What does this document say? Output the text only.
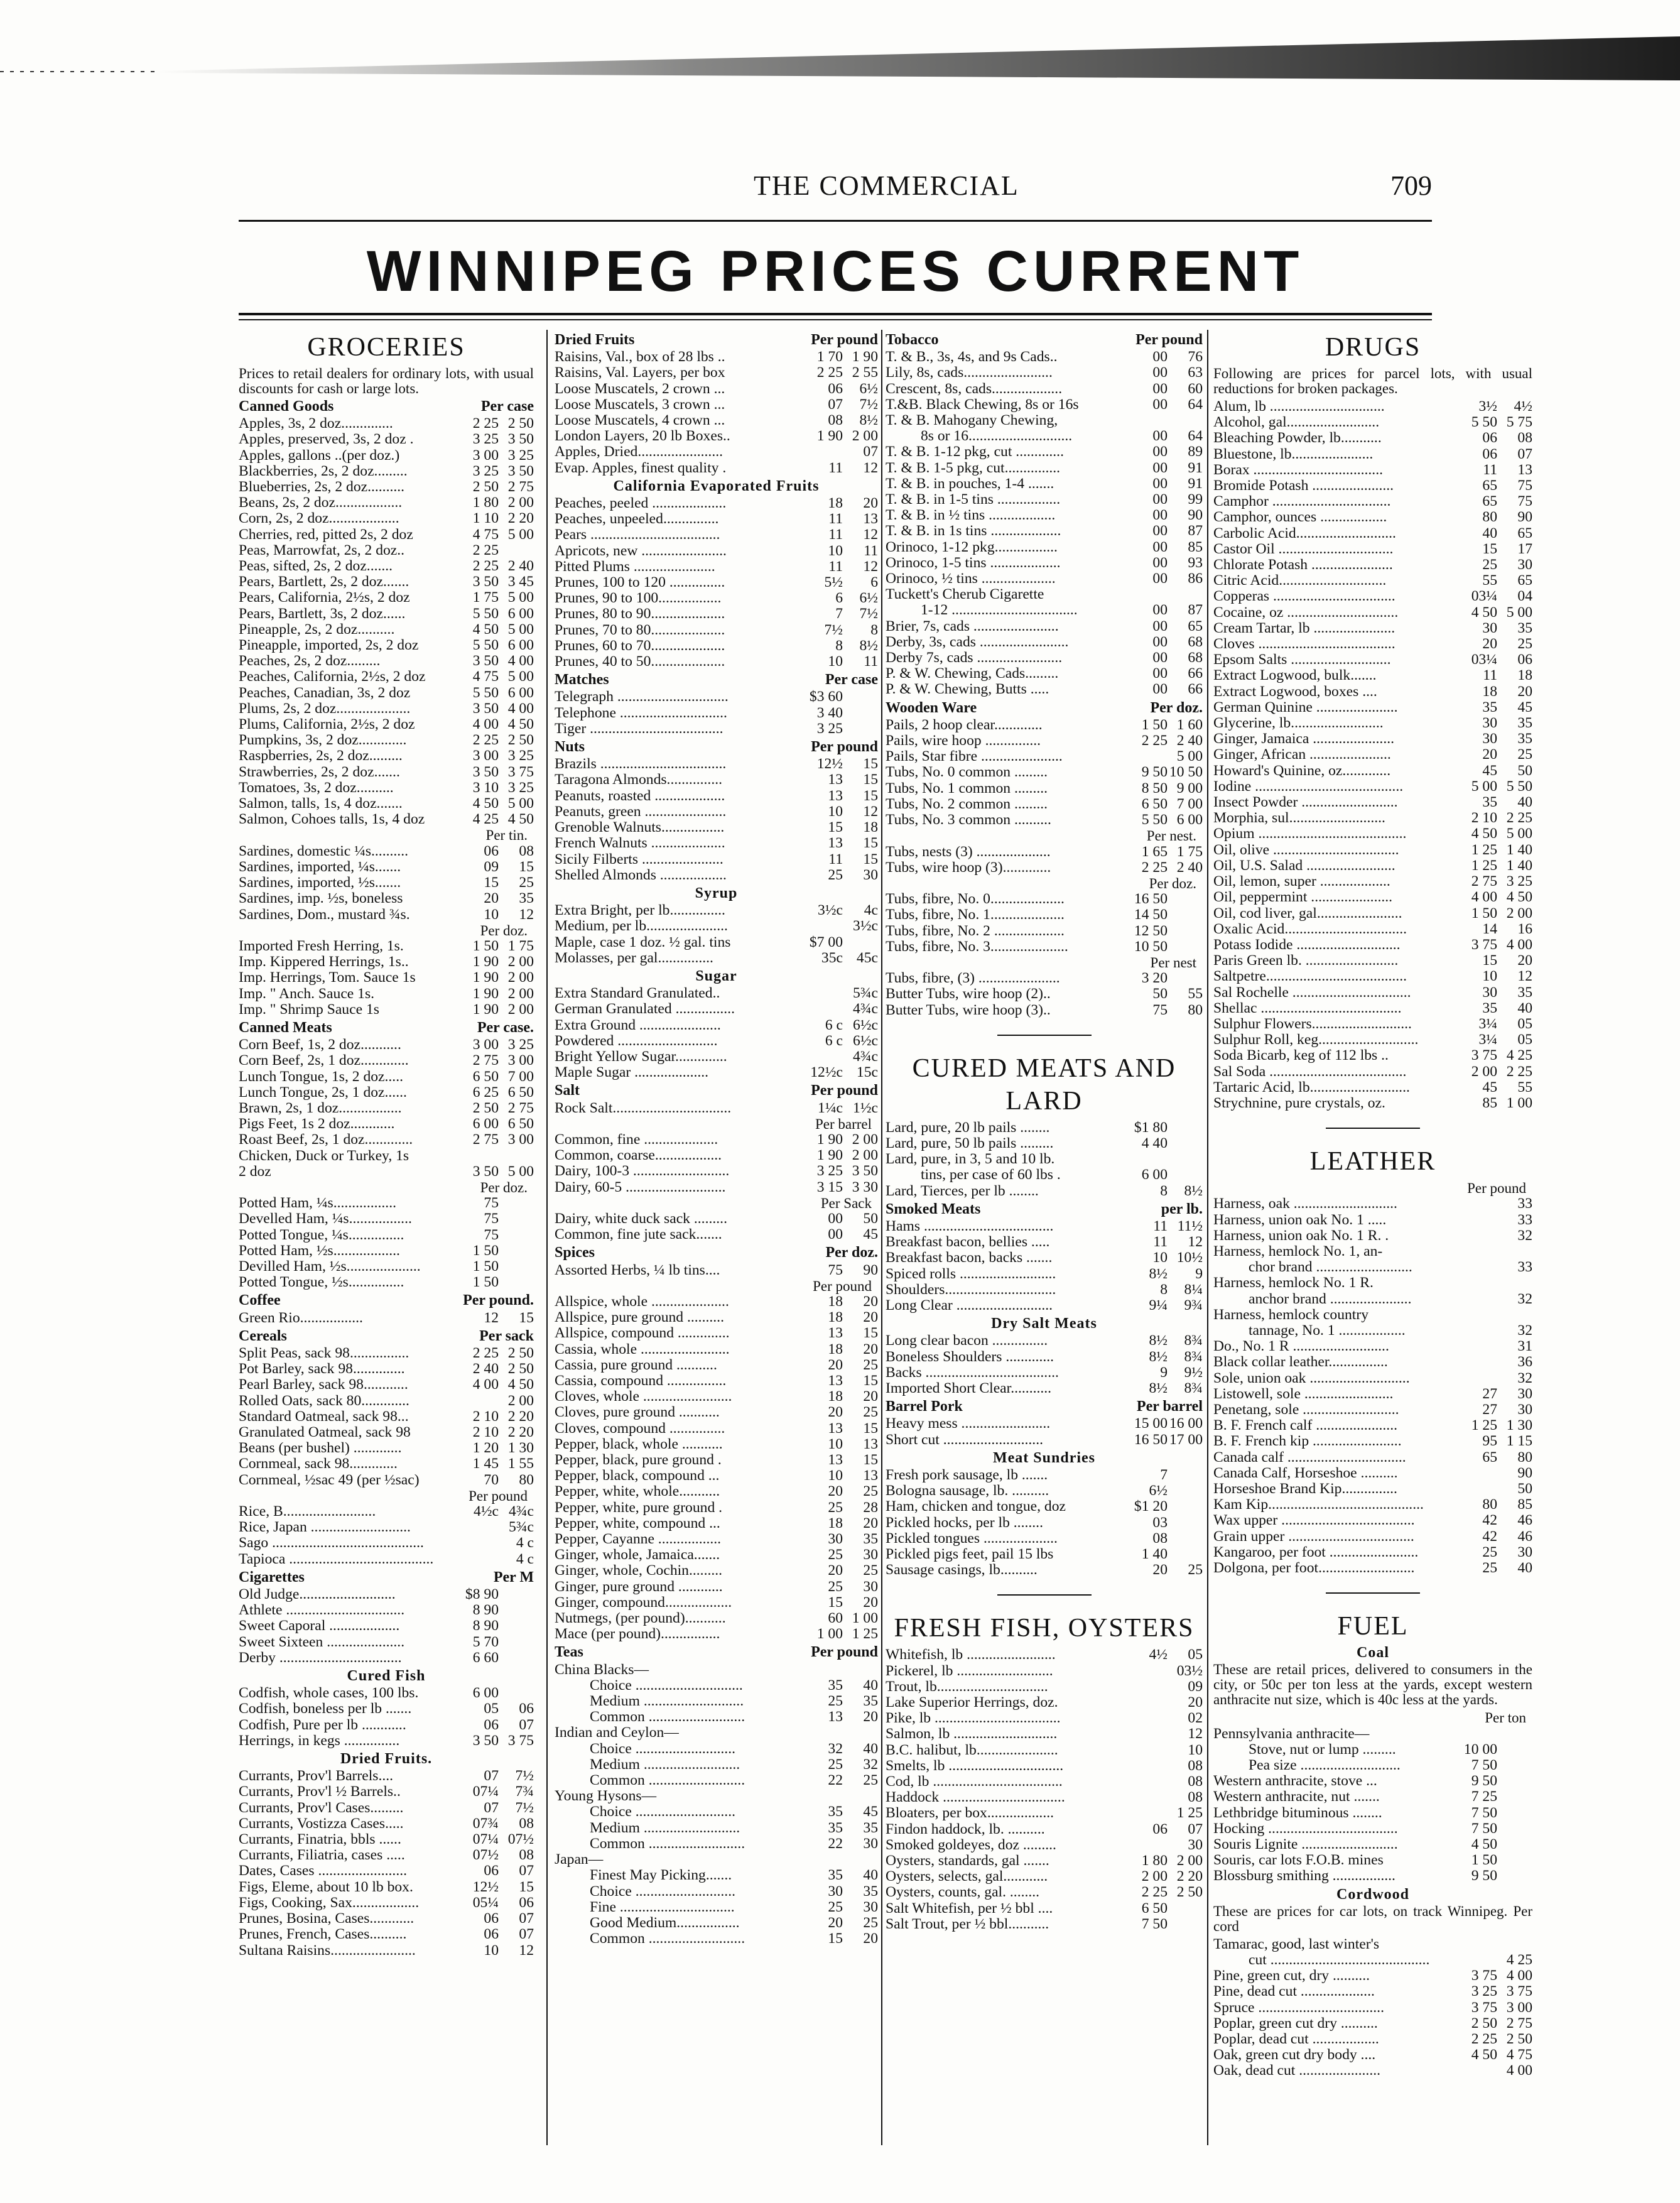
THE COMMERCIAL	709
WINNIPEG PRICES CURRENT
GROCERIES
Prices to retail dealers for ordinary lots, with usual discounts for cash or large lots.
Canned Goods	Per case
Apples, 3s, 2 doz..............	2 25 2 50
Apples, preserved, 3s, 2 doz .	3 25 3 50
Apples, gallons ..(per doz.)	3 00 3 25
Blackberries, 2s, 2 doz.........	3 25 3 50
Blueberries, 2s, 2 doz..........	2 50 2 75
Beans, 2s, 2 doz..................	1 80 2 00
Corn, 2s, 2 doz...................	1 10 2 20
Cherries, red, pitted 2s, 2 doz	4 75 5 00
Peas, Marrowfat, 2s, 2 doz..	2 25
Peas, sifted, 2s, 2 doz.......	2 25 2 40
Pears, Bartlett, 2s, 2 doz.......	3 50 3 45
Pears, California, 2½s, 2 doz	1 75 5 00
Pears, Bartlett, 3s, 2 doz......	5 50 6 00
Pineapple, 2s, 2 doz..........	4 50 5 00
Pineapple, imported, 2s, 2 doz	5 50 6 00
Peaches, 2s, 2 doz.........	3 50 4 00
Peaches, California, 2½s, 2 doz	4 75 5 00
Peaches, Canadian, 3s, 2 doz	5 50 6 00
Plums, 2s, 2 doz....................	3 50 4 00
Plums, California, 2½s, 2 doz	4 00 4 50
Pumpkins, 3s, 2 doz.............	2 25 2 50
Raspberries, 2s, 2 doz.........	3 00 3 25
Strawberries, 2s, 2 doz.......	3 50 3 75
Tomatoes, 3s, 2 doz..........	3 10 3 25
Salmon, talls, 1s, 4 doz.......	4 50 5 00
Salmon, Cohoes talls, 1s, 4 doz	4 25 4 50
Per tin.
Sardines, domestic ¼s..........	06	08
Sardines, imported, ¼s.......	09	15
Sardines, imported, ½s.......	15	25
Sardines, imp. ½s, boneless	20	35
Sardines, Dom., mustard ¾s.	10	12
Per doz.
Imported Fresh Herring, 1s.	1 50 1 75
Imp. Kippered Herrings, 1s..	1 90 2 00
Imp. Herrings, Tom. Sauce 1s	1 90 2 00
Imp. " Anch. Sauce 1s.	1 90 2 00
Imp. " Shrimp Sauce 1s	1 90 2 00
Canned Meats	Per case.
Corn Beef, 1s, 2 doz...........	3 00 3 25
Corn Beef, 2s, 1 doz.............	2 75 3 00
Lunch Tongue, 1s, 2 doz.....	6 50 7 00
Lunch Tongue, 2s, 1 doz......	6 25 6 50
Brawn, 2s, 1 doz.................	2 50 2 75
Pigs Feet, 1s 2 doz............	6 00 6 50
Roast Beef, 2s, 1 doz.............	2 75 3 00
Chicken, Duck or Turkey, 1s
2 doz	3 50 5 00
Per doz.
Potted Ham, ¼s.................	75
Develled Ham, ¼s.................	75
Potted Tongue, ¼s...............	75
Potted Ham, ½s..................	1 50
Devilled Ham, ½s....................	1 50
Potted Tongue, ½s...............	1 50
Coffee	Per pound.
Green Rio.................	12	15
Cereals	Per sack
Split Peas, sack 98................	2 25 2 50
Pot Barley, sack 98..............	2 40 2 50
Pearl Barley, sack 98............	4 00 4 50
Rolled Oats, sack 80.............	2 00
Standard Oatmeal, sack 98...	2 10 2 20
Granulated Oatmeal, sack 98	2 10 2 20
Beans (per bushel) .............	1 20 1 30
Cornmeal, sack 98.............	1 45 1 55
Cornmeal, ½sac 49 (per ½sac)	70	80
Per pound
Rice, B.........................	4½c 4¾c
Rice, Japan ...........................	5¾c
Sago .........................................	4 c
Tapioca .......................................	4 c
Cigarettes	Per M
Old Judge..........................	$8 90
Athlete ................................	8 90
Sweet Caporal ...................	8 90
Sweet Sixteen .....................	5 70
Derby .................................	6 60
Cured Fish
Codfish, whole cases, 100 lbs.	6 00
Codfish, boneless per lb .......	05	06
Codfish, Pure per lb ............	06	07
Herrings, in kegs ...............	3 50 3 75
Dried Fruits.
Currants, Prov'l Barrels....	07	7½
Currants, Prov'l ½ Barrels..	07¼	7¾
Currants, Prov'l Cases.........	07	7½
Currants, Vostizza Cases.....	07¾	08
Currants, Finatria, bbls ......	07¼ 07½
Currants, Filiatria, cases .....	07½	08
Dates, Cases ........................	06	07
Figs, Eleme, about 10 lb box.	12½	15
Figs, Cooking, Sax..................	05¼	06
Prunes, Bosina, Cases............	06	07
Prunes, French, Cases..........	06	07
Sultana Raisins.......................	10	12
Dried Fruits	Per pound
Raisins, Val., box of 28 lbs ..	1 70 1 90
Raisins, Val. Layers, per box	2 25 2 55
Loose Muscatels, 2 crown ...	06	6½
Loose Muscatels, 3 crown ...	07	7½
Loose Muscatels, 4 crown ...	08	8½
London Layers, 20 lb Boxes..	1 90 2 00
Apples, Dried.......................	07
Evap. Apples, finest quality .	11	12
California Evaporated Fruits
Peaches, peeled ....................	18	20
Peaches, unpeeled...............	11	13
Pears ...................................	11	12
Apricots, new .......................	10	11
Pitted Plums ......................	11	12
Prunes, 100 to 120 ...............	5½	6
Prunes, 90 to 100.................	6	6½
Prunes, 80 to 90....................	7	7½
Prunes, 70 to 80....................	7½	8
Prunes, 60 to 70....................	8	8½
Prunes, 40 to 50....................	10	11
Matches	Per case
Telegraph ..............................	$3 60
Telephone .............................	3 40
Tiger ....................................	3 25
Nuts	Per pound
Brazils ..................................	12½	15
Taragona Almonds...............	13	15
Peanuts, roasted ...................	13	15
Peanuts, green ......................	10	12
Grenoble Walnuts.................	15	18
French Walnuts ....................	13	15
Sicily Filberts ......................	11	15
Shelled Almonds ..................	25	30
Syrup
Extra Bright, per lb...............	3½c	4c
Medium, per lb......................	3½c
Maple, case 1 doz. ½ gal. tins	$7 00
Molasses, per gal...............	35c 45c
Sugar
Extra Standard Granulated..	5¾c
German Granulated ................	4¾c
Extra Ground ......................	6 c 6½c
Powdered ...........................	6 c 6½c
Bright Yellow Sugar..............	4¾c
Maple Sugar ....................	12½c 15c
Salt	Per pound
Rock Salt................................	1¼c 1½c
Per barrel
Common, fine ....................	1 90 2 00
Common, coarse..................	1 90 2 00
Dairy, 100-3 ..........................	3 25 3 50
Dairy, 60-5 ...........................	3 15 3 30
Per Sack
Dairy, white duck sack .........	00	50
Common, fine jute sack.......	00	45
Spices	Per doz.
Assorted Herbs, ¼ lb tins....	75	90
Per pound
Allspice, whole .....................	18	20
Allspice, pure ground ..........	18	20
Allspice, compound ..............	13	15
Cassia, whole ........................	18	20
Cassia, pure ground ...........	20	25
Cassia, compound ................	13	15
Cloves, whole ........................	18	20
Cloves, pure ground ...........	20	25
Cloves, compound ...............	13	15
Pepper, black, whole ...........	10	13
Pepper, black, pure ground .	13	15
Pepper, black, compound ...	10	13
Pepper, white, whole...........	20	25
Pepper, white, pure ground .	25	28
Pepper, white, compound ...	18	20
Pepper, Cayanne .................	30	35
Ginger, whole, Jamaica.......	25	30
Ginger, whole, Cochin.........	20	25
Ginger, pure ground ............	25	30
Ginger, compound..................	15	20
Nutmegs, (per pound)...........	60 1 00
Mace (per pound)................	1 00 1 25
Teas	Per pound
China Blacks—
Choice .............................	35	40
Medium ...........................	25	35
Common ..........................	13	20
Indian and Ceylon—
Choice ...........................	32	40
Medium ..........................	25	32
Common ..........................	22	25
Young Hysons—
Choice ...........................	35	45
Medium ..........................	35	35
Common ..........................	22	30
Japan—
Finest May Picking.......	35	40
Choice ...........................	30	35
Fine ...............................	25	30
Good Medium.................	20	25
Common ..........................	15	20
Tobacco	Per pound
T. & B., 3s, 4s, and 9s Cads..	00	76
Lily, 8s, cads........................	00	63
Crescent, 8s, cads...................	00	60
T.&B. Black Chewing, 8s or 16s	00	64
T. & B. Mahogany Chewing,
8s or 16............................	00	64
T. & B. 1-12 pkg, cut .............	00	89
T. & B. 1-5 pkg, cut...............	00	91
T. & B. in pouches, 1-4 .......	00	91
T. & B. in 1-5 tins .................	00	99
T. & B. in ½ tins ..................	00	90
T. & B. in 1s tins ...................	00	87
Orinoco, 1-12 pkg.................	00	85
Orinoco, 1-5 tins ...................	00	93
Orinoco, ½ tins ....................	00	86
Tuckett's Cherub Cigarette
1-12 ..................................	00	87
Brier, 7s, cads .......................	00	65
Derby, 3s, cads ........................	00	68
Derby 7s, cads .......................	00	68
P. & W. Chewing, Cads.........	00	66
P. & W. Chewing, Butts .....	00	66
Wooden Ware	Per doz.
Pails, 2 hoop clear.............	1 50 1 60
Pails, wire hoop ...............	2 25 2 40
Pails, Star fibre ......................	5 00
Tubs, No. 0 common .........	9 50 10 50
Tubs, No. 1 common .........	8 50 9 00
Tubs, No. 2 common .........	6 50 7 00
Tubs, No. 3 common ..........	5 50 6 00
Per nest.
Tubs, nests (3) ....................	1 65 1 75
Tubs, wire hoop (3).............	2 25 2 40
Per doz.
Tubs, fibre, No. 0....................	16 50
Tubs, fibre, No. 1....................	14 50
Tubs, fibre, No. 2 ...................	12 50
Tubs, fibre, No. 3.....................	10 50
Per nest
Tubs, fibre, (3) ......................	3 20
Butter Tubs, wire hoop (2)..	50	55
Butter Tubs, wire hoop (3)..	75	80
CURED MEATS AND LARD
Lard, pure, 20 lb pails ........	$1 80
Lard, pure, 50 lb pails .........	4 40
Lard, pure, in 3, 5 and 10 lb.
tins, per case of 60 lbs .	6 00
Lard, Tierces, per lb ........	8	8½
Smoked Meats	per lb.
Hams ...................................	11 11½
Breakfast bacon, bellies .....	11	12
Breakfast bacon, backs .......	10 10½
Spiced rolls ..........................	8½	9
Shoulders..............................	8	8¼
Long Clear ..........................	9¼	9¾
Dry Salt Meats
Long clear bacon ...............	8½	8¾
Boneless Shoulders .............	8½	8¾
Backs ....................................	9	9½
Imported Short Clear...........	8½	8¾
Barrel Pork	Per barrel
Heavy mess ........................	15 00 16 00
Short cut ...........................	16 50 17 00
Meat Sundries
Fresh pork sausage, lb .......	7
Bologna sausage, lb. ..........	6½
Ham, chicken and tongue, doz	$1 20
Pickled hocks, per lb ........	03
Pickled tongues ....................	08
Pickled pigs feet, pail 15 lbs	1 40
Sausage casings, lb..........	20	25
FRESH FISH, OYSTERS
Whitefish, lb ........................	4½	05
Pickerel, lb ..........................	03½
Trout, lb..............................	09
Lake Superior Herrings, doz.	20
Pike, lb ..................................	02
Salmon, lb ............................	12
B.C. halibut, lb......................	10
Smelts, lb ...............................	08
Cod, lb ...................................	08
Haddock .................................	08
Bloaters, per box..................	1 25
Findon haddock, lb. ..........	06	07
Smoked goldeyes, doz .........	30
Oysters, standards, gal .......	1 80 2 00
Oysters, selects, gal............	2 00 2 20
Oysters, counts, gal. ........	2 25 2 50
Salt Whitefish, per ½ bbl ....	6 50
Salt Trout, per ½ bbl...........	7 50
DRUGS
Following are prices for parcel lots, with usual reductions for broken packages.
Alum, lb ...............................	3½	4½
Alcohol, gal.........................	5 50 5 75
Bleaching Powder, lb...........	06	08
Bluestone, lb......................	06	07
Borax ...................................	11	13
Bromide Potash ......................	65	75
Camphor ................................	65	75
Camphor, ounces ..................	80	90
Carbolic Acid...........................	40	65
Castor Oil ...............................	15	17
Chlorate Potash ......................	25	30
Citric Acid.............................	55	65
Copperas .................................	03¼	04
Cocaine, oz ..............................	4 50 5 00
Cream Tartar, lb ......................	30	35
Cloves .....................................	20	25
Epsom Salts ...........................	03¼	06
Extract Logwood, bulk.......	11	18
Extract Logwood, boxes ....	18	20
German Quinine ......................	35	45
Glycerine, lb.........................	30	35
Ginger, Jamaica ......................	30	35
Ginger, African ......................	20	25
Howard's Quinine, oz.............	45	50
Iodine ........................................	5 00 5 50
Insect Powder ..........................	35	40
Morphia, sul..........................	2 10 2 25
Opium ........................................	4 50 5 00
Oil, olive ..................................	1 25 1 40
Oil, U.S. Salad ........................	1 25 1 40
Oil, lemon, super ...................	2 75 3 25
Oil, peppermint ......................	4 00 4 50
Oil, cod liver, gal.......................	1 50 2 00
Oxalic Acid.................................	14	16
Potass Iodide ............................	3 75 4 00
Paris Green lb. .........................	15	20
Saltpetre......................................	10	12
Sal Rochelle ................................	30	35
Shellac ......................................	35	40
Sulphur Flowers...........................	3¼	05
Sulphur Roll, keg...........................	3¼	05
Soda Bicarb, keg of 112 lbs ..	3 75 4 25
Sal Soda .....................................	2 00 2 25
Tartaric Acid, lb...........................	45	55
Strychnine, pure crystals, oz.	85 1 00
LEATHER
Per pound
Harness, oak ............................	33
Harness, union oak No. 1 .....	33
Harness, union oak No. 1 R. .	32
Harness, hemlock No. 1, an-
chor brand ..........................	33
Harness, hemlock No. 1 R.
anchor brand ......................	32
Harness, hemlock country
tannage, No. 1 ..................	32
Do., No. 1 R ..........................	31
Black collar leather................	36
Sole, union oak ...........................	32
Listowell, sole ........................	27	30
Penetang, sole ..........................	27	30
B. F. French calf ......................	1 25 1 30
B. F. French kip ........................	95 1 15
Canada calf ................................	65	80
Canada Calf, Horseshoe ..........	90
Horseshoe Brand Kip...............	50
Kam Kip..........................................	80	85
Wax upper ....................................	42	46
Grain upper ..................................	42	46
Kangaroo, per foot ........................	25	30
Dolgona, per foot..........................	25	40
FUEL
Coal
These are retail prices, delivered to consumers in the city, or 50c per ton less at the yards, except western anthracite nut size, which is 40c less at the yards.
Per ton
Pennsylvania anthracite—
Stove, nut or lump .........	10 00
Pea size ...........................	7 50
Western anthracite, stove ...	9 50
Western anthracite, nut .......	7 25
Lethbridge bituminous ........	7 50
Hocking ...................................	7 50
Souris Lignite ..........................	4 50
Souris, car lots F.O.B. mines	1 50
Blossburg smithing .................	9 50
Cordwood
These are prices for car lots, on track Winnipeg. Per cord
Tamarac, good, last winter's
cut ...........................................	4 25
Pine, green cut, dry ..........	3 75 4 00
Pine, dead cut ....................	3 25 3 75
Spruce ..................................	3 75 3 00
Poplar, green cut dry ..........	2 50 2 75
Poplar, dead cut ..................	2 25 2 50
Oak, green cut dry body ....	4 50 4 75
Oak, dead cut ......................	4 00
